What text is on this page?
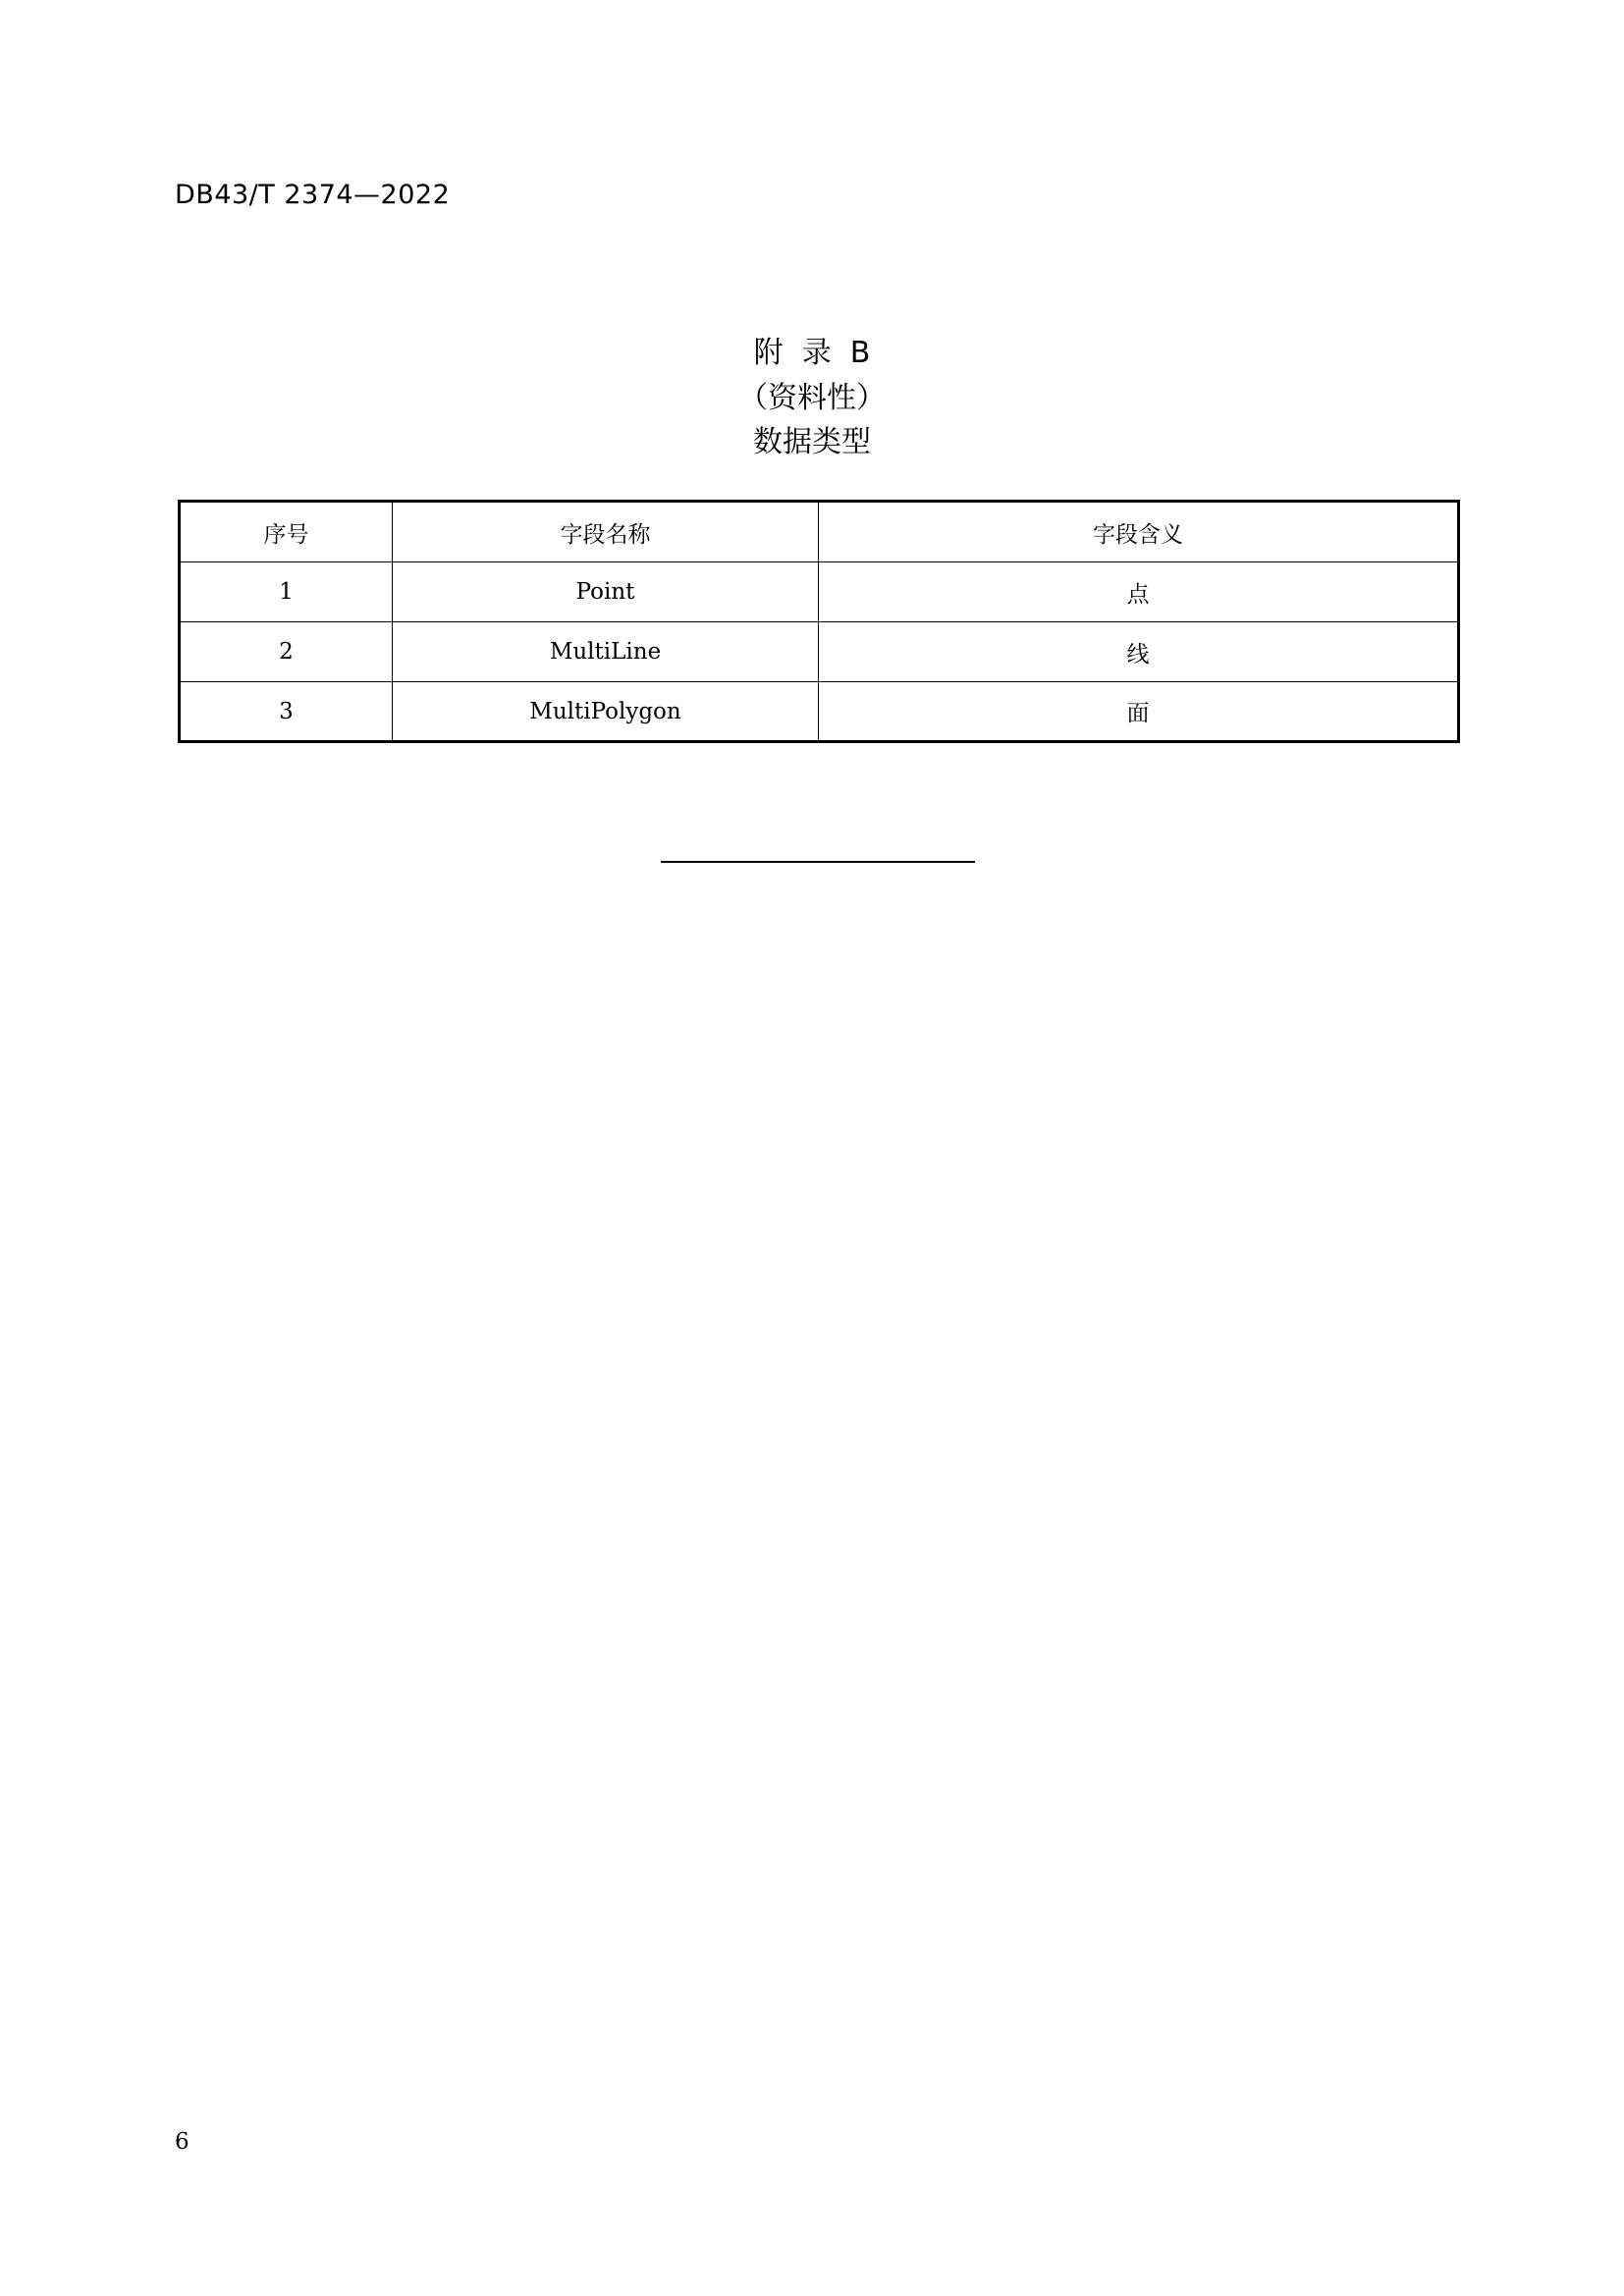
DB43/T 2374—2022
附  录  B
（资料性）
数据类型
序号	字段名称	字段含义
1	Point	点
2	MultiLine	线
3	MultiPolygon	面
6
